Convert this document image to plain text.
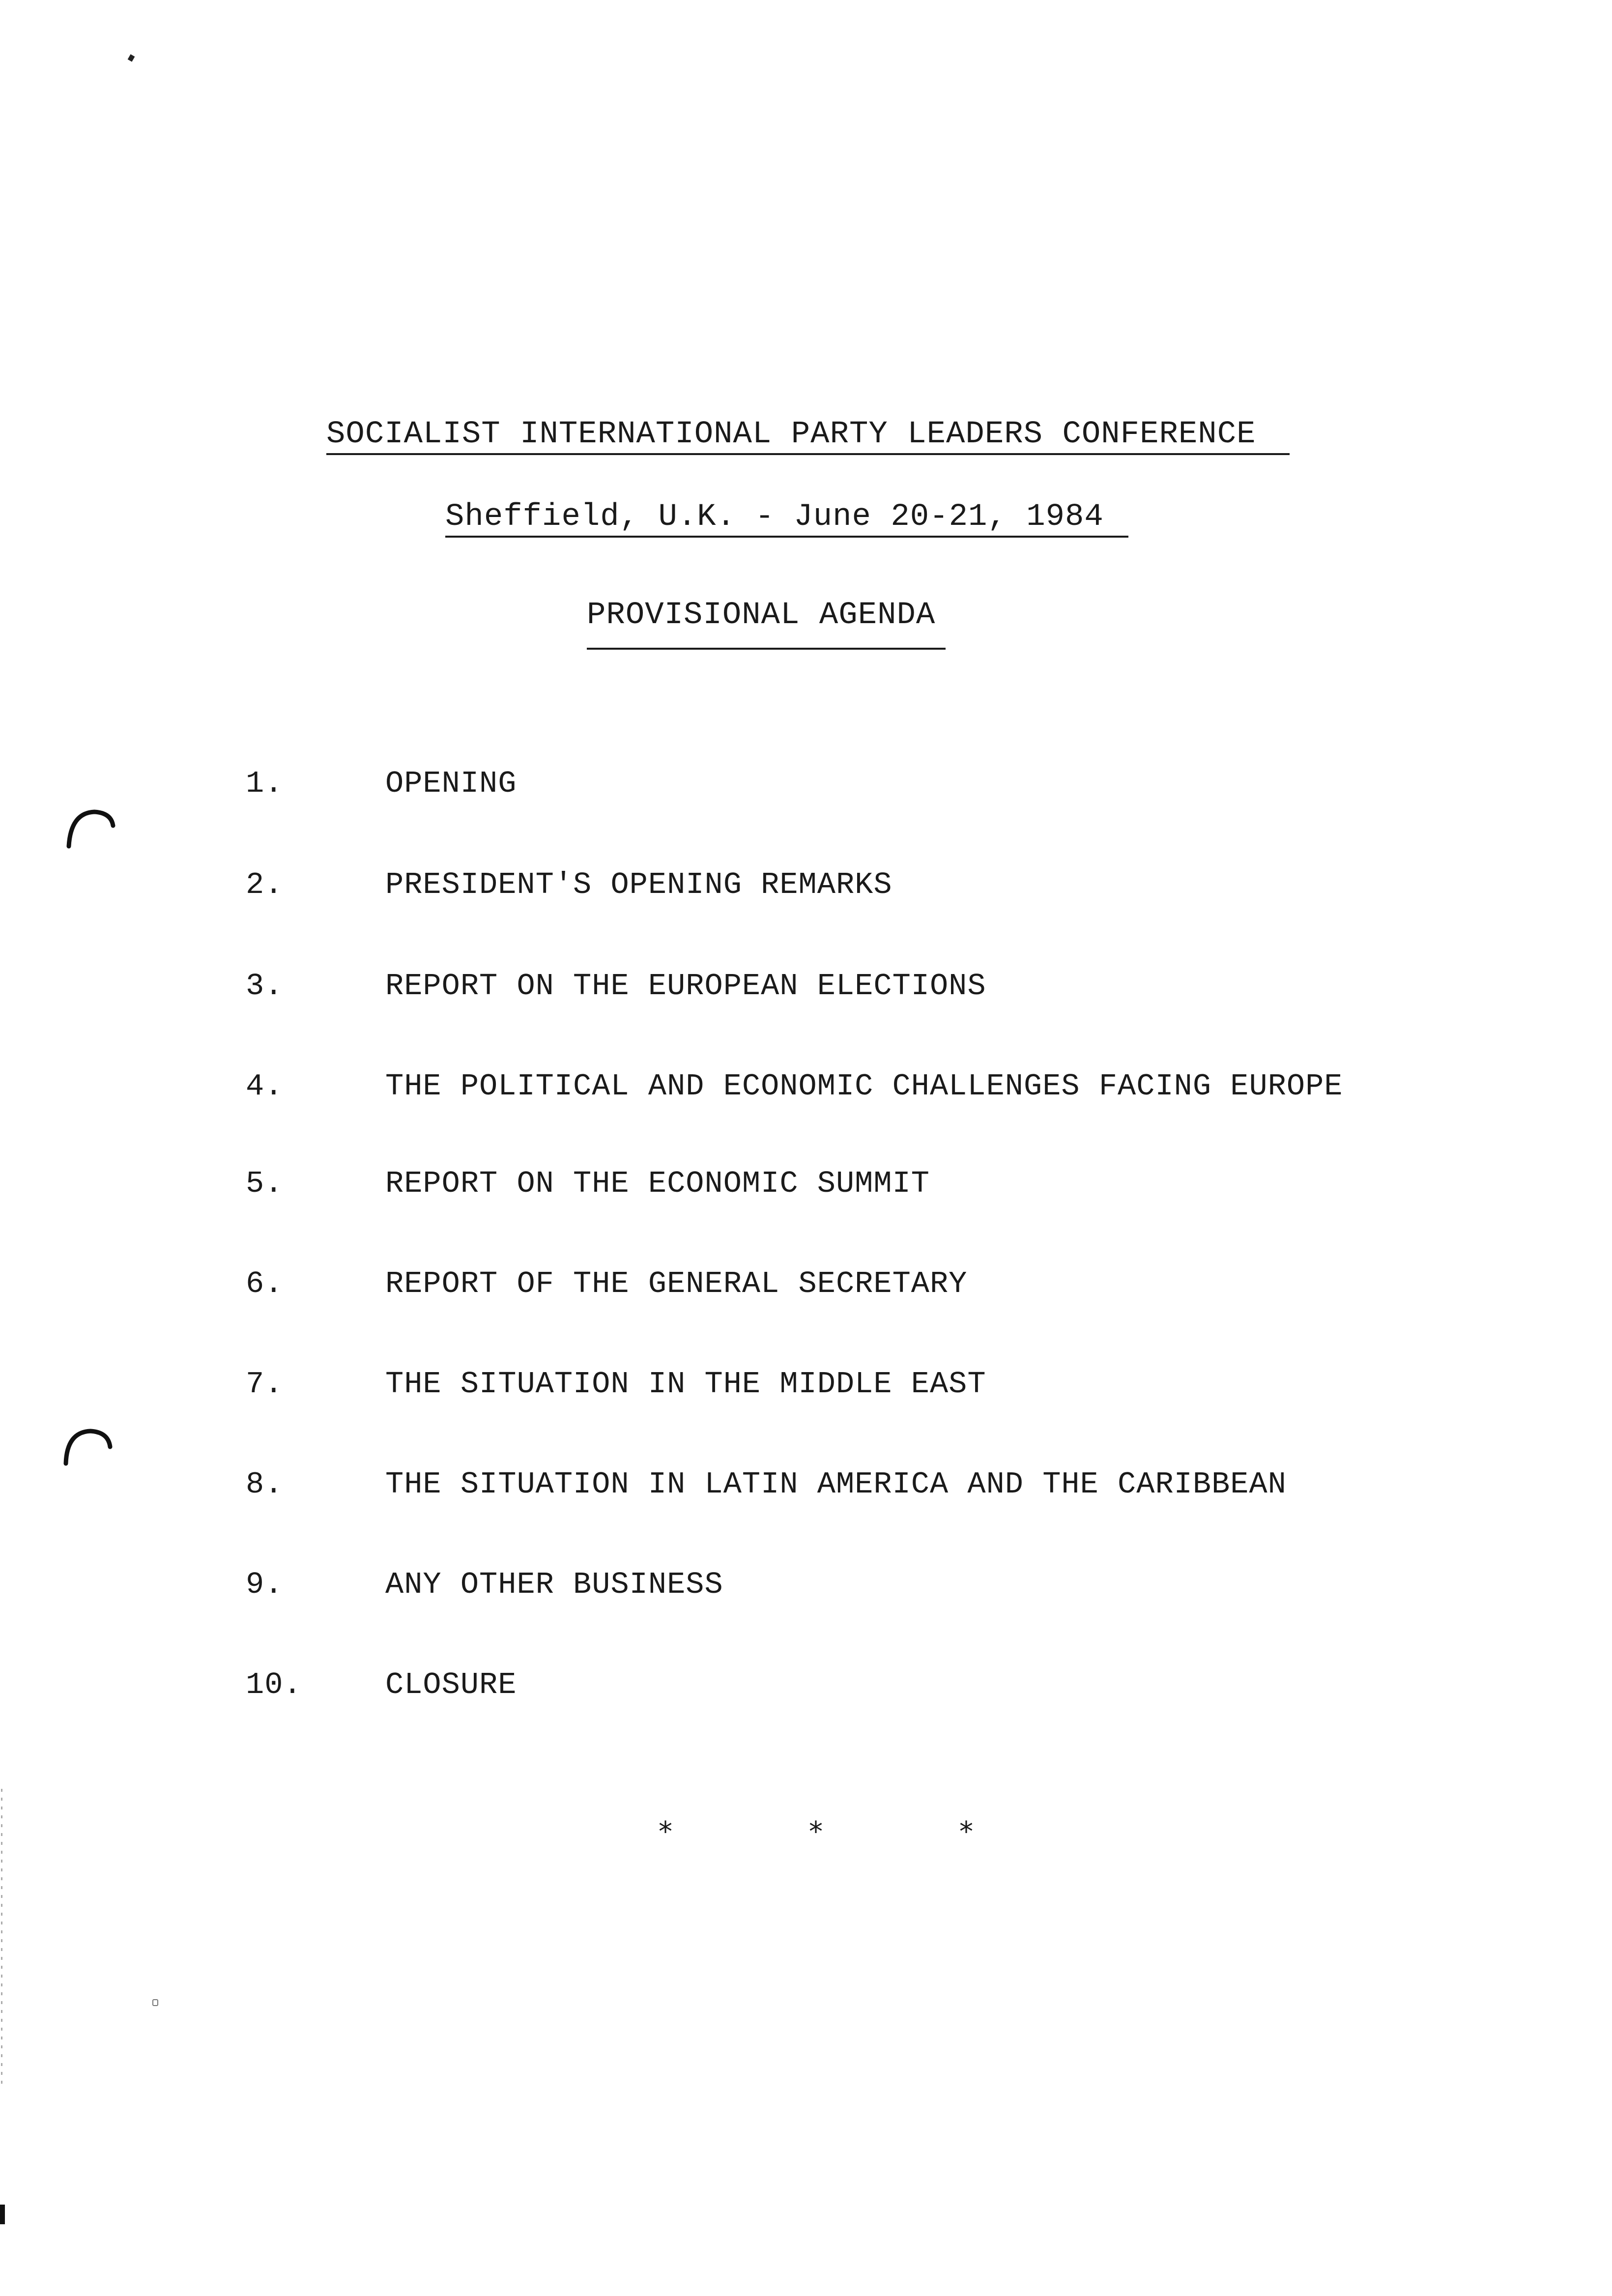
SOCIALIST INTERNATIONAL PARTY LEADERS CONFERENCE
Sheffield, U.K. - June 20-21, 1984
PROVISIONAL AGENDA
1.	OPENING
2.	PRESIDENT'S OPENING REMARKS
3.	REPORT ON THE EUROPEAN ELECTIONS
4.	THE POLITICAL AND ECONOMIC CHALLENGES FACING EUROPE
5.	REPORT ON THE ECONOMIC SUMMIT
6.	REPORT OF THE GENERAL SECRETARY
7.	THE SITUATION IN THE MIDDLE EAST
8.	THE SITUATION IN LATIN AMERICA AND THE CARIBBEAN
9.	ANY OTHER BUSINESS
10.	CLOSURE
*	*	*
